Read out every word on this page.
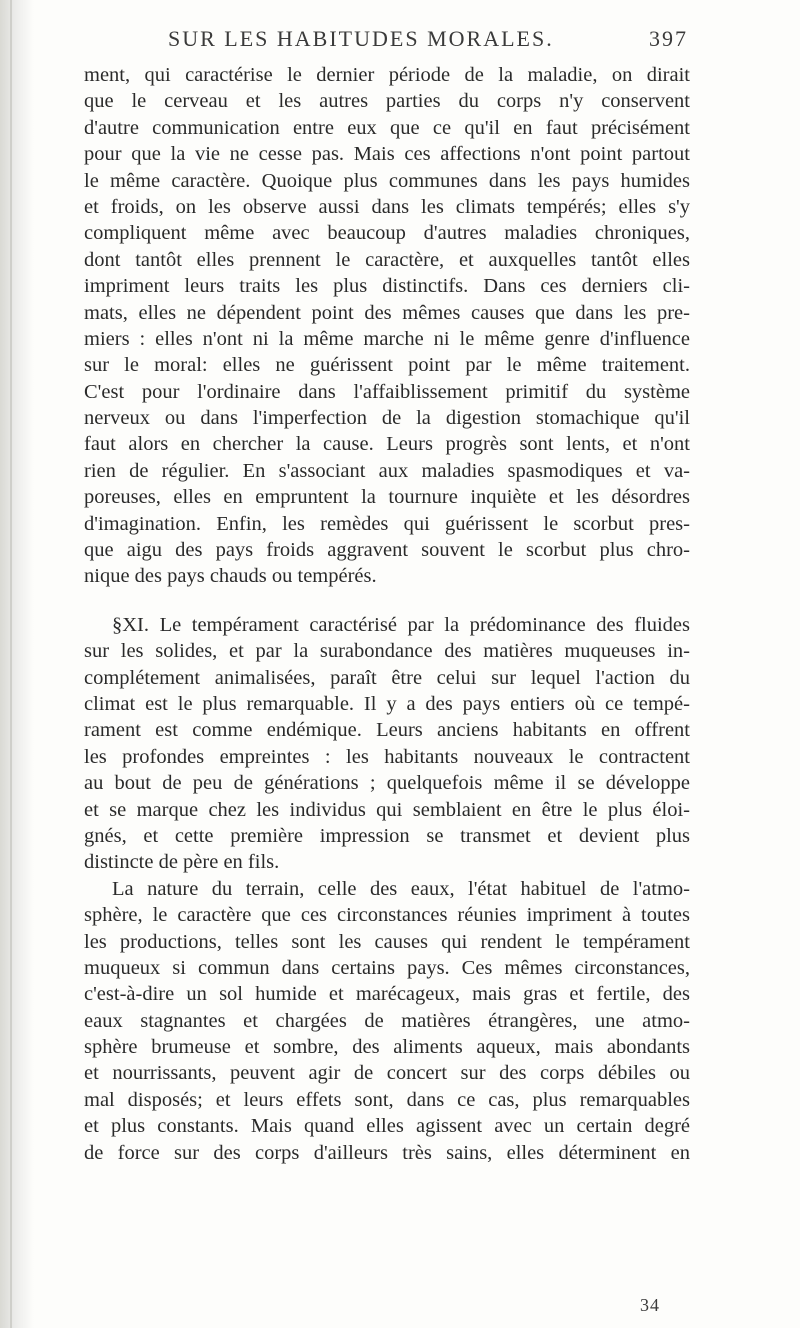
SUR LES HABITUDES MORALES.	397
ment, qui caractérise le dernier période de la maladie, on dirait
que le cerveau et les autres parties du corps n'y conservent
d'autre communication entre eux que ce qu'il en faut précisément
pour que la vie ne cesse pas. Mais ces affections n'ont point partout
le même caractère. Quoique plus communes dans les pays humides
et froids, on les observe aussi dans les climats tempérés; elles s'y
compliquent même avec beaucoup d'autres maladies chroniques,
dont tantôt elles prennent le caractère, et auxquelles tantôt elles
impriment leurs traits les plus distinctifs. Dans ces derniers cli-
mats, elles ne dépendent point des mêmes causes que dans les pre-
miers : elles n'ont ni la même marche ni le même genre d'influence
sur le moral: elles ne guérissent point par le même traitement.
C'est pour l'ordinaire dans l'affaiblissement primitif du système
nerveux ou dans l'imperfection de la digestion stomachique qu'il
faut alors en chercher la cause. Leurs progrès sont lents, et n'ont
rien de régulier. En s'associant aux maladies spasmodiques et va-
poreuses, elles en empruntent la tournure inquiète et les désordres
d'imagination. Enfin, les remèdes qui guérissent le scorbut pres-
que aigu des pays froids aggravent souvent le scorbut plus chro-
nique des pays chauds ou tempérés.
§XI. Le tempérament caractérisé par la prédominance des fluides
sur les solides, et par la surabondance des matières muqueuses in-
complétement animalisées, paraît être celui sur lequel l'action du
climat est le plus remarquable. Il y a des pays entiers où ce tempé-
rament est comme endémique. Leurs anciens habitants en offrent
les profondes empreintes : les habitants nouveaux le contractent
au bout de peu de générations ; quelquefois même il se développe
et se marque chez les individus qui semblaient en être le plus éloi-
gnés, et cette première impression se transmet et devient plus
distincte de père en fils.
La nature du terrain, celle des eaux, l'état habituel de l'atmo-
sphère, le caractère que ces circonstances réunies impriment à toutes
les productions, telles sont les causes qui rendent le tempérament
muqueux si commun dans certains pays. Ces mêmes circonstances,
c'est-à-dire un sol humide et marécageux, mais gras et fertile, des
eaux stagnantes et chargées de matières étrangères, une atmo-
sphère brumeuse et sombre, des aliments aqueux, mais abondants
et nourrissants, peuvent agir de concert sur des corps débiles ou
mal disposés; et leurs effets sont, dans ce cas, plus remarquables
et plus constants. Mais quand elles agissent avec un certain degré
de force sur des corps d'ailleurs très sains, elles déterminent en
34
